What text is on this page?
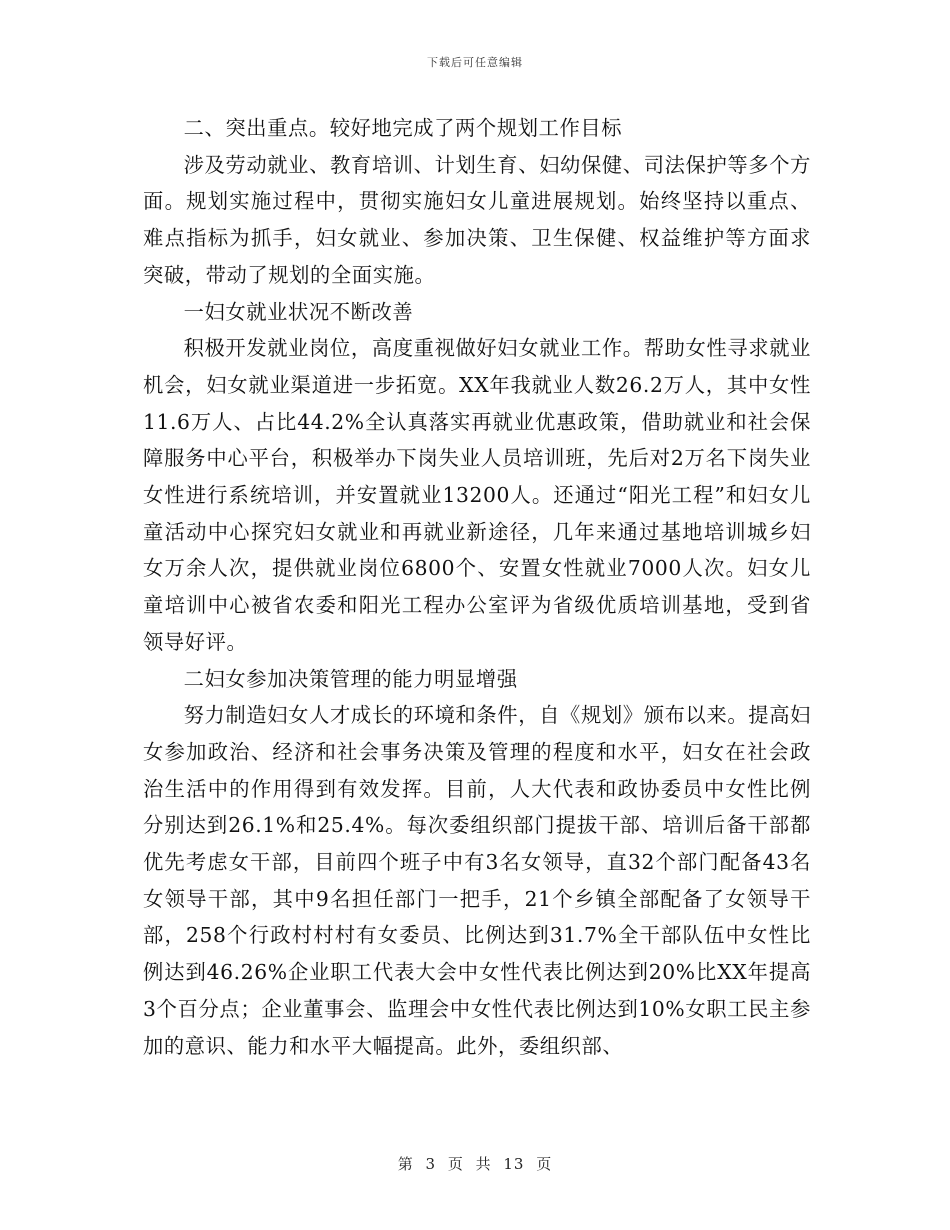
下载后可任意编辑

二、突出重点。较好地完成了两个规划工作目标

涉及劳动就业、教育培训、计划生育、妇幼保健、司法保护等多个方面。规划实施过程中，贯彻实施妇女儿童进展规划。始终坚持以重点、难点指标为抓手，妇女就业、参加决策、卫生保健、权益维护等方面求突破，带动了规划的全面实施。

一妇女就业状况不断改善

积极开发就业岗位，高度重视做好妇女就业工作。帮助女性寻求就业机会，妇女就业渠道进一步拓宽。XX年我就业人数26.2万人，其中女性11.6万人、占比44.2%全认真落实再就业优惠政策，借助就业和社会保障服务中心平台，积极举办下岗失业人员培训班，先后对2万名下岗失业女性进行系统培训，并安置就业13200人。还通过“阳光工程”和妇女儿童活动中心探究妇女就业和再就业新途径，几年来通过基地培训城乡妇女万余人次，提供就业岗位6800个、安置女性就业7000人次。妇女儿童培训中心被省农委和阳光工程办公室评为省级优质培训基地，受到省领导好评。

二妇女参加决策管理的能力明显增强

努力制造妇女人才成长的环境和条件，自《规划》颁布以来。提高妇女参加政治、经济和社会事务决策及管理的程度和水平，妇女在社会政治生活中的作用得到有效发挥。目前，人大代表和政协委员中女性比例分别达到26.1%和25.4%。每次委组织部门提拔干部、培训后备干部都优先考虑女干部，目前四个班子中有3名女领导，直32个部门配备43名女领导干部，其中9名担任部门一把手，21个乡镇全部配备了女领导干部，258个行政村村村有女委员、比例达到31.7%全干部队伍中女性比例达到46.26%企业职工代表大会中女性代表比例达到20%比XX年提高3个百分点；企业董事会、监理会中女性代表比例达到10%女职工民主参加的意识、能力和水平大幅提高。此外，委组织部、

第 3 页 共 13 页
